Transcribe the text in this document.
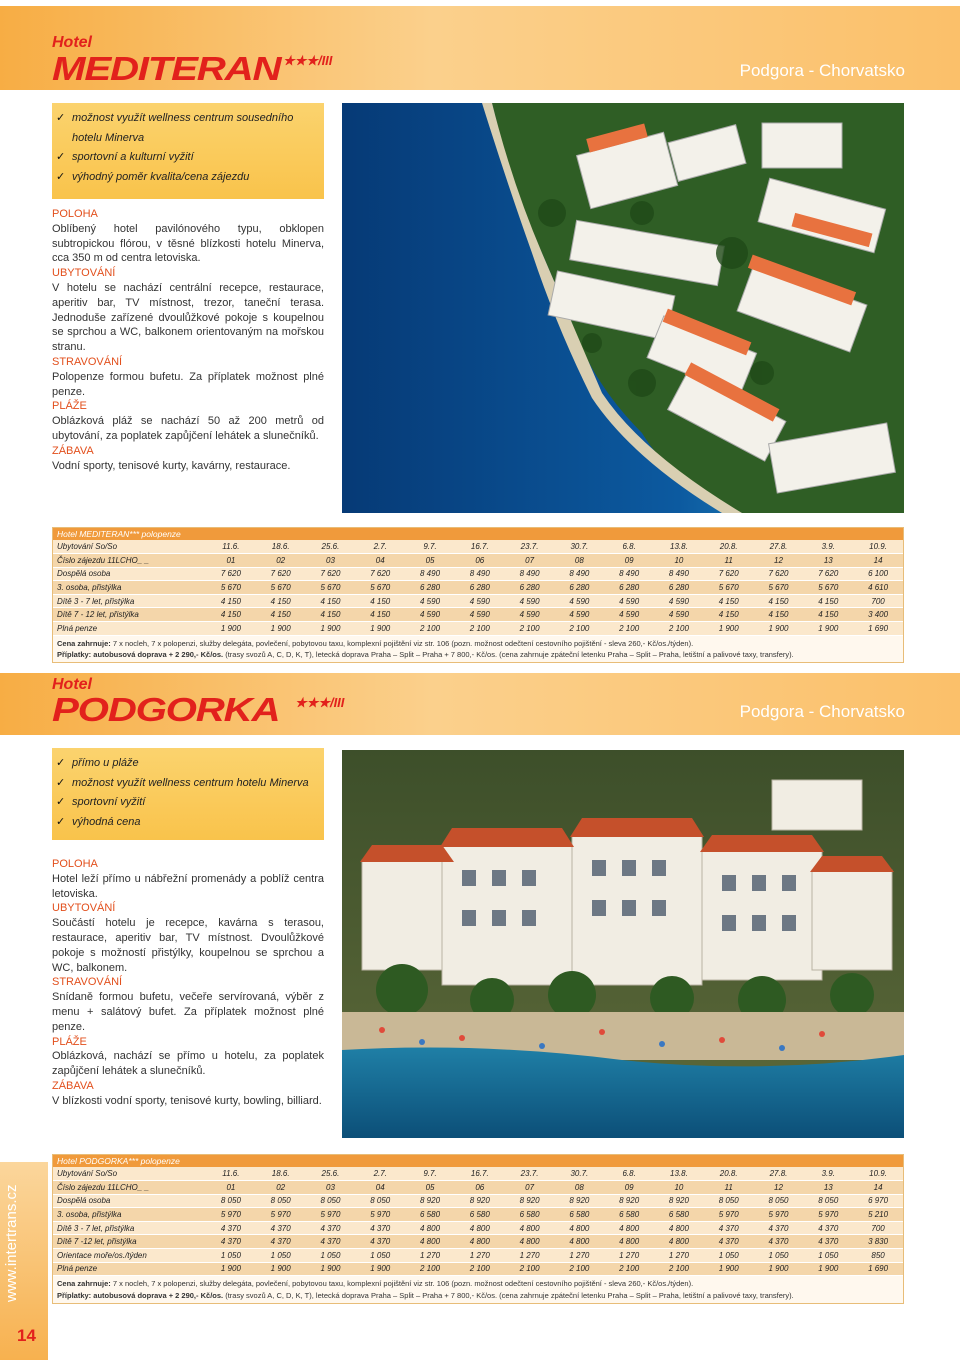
Hotel
MEDITERAN ★★★/III
Podgora - Chorvatsko
✓ možnost využít wellness centrum sousedního hotelu Minerva
✓ sportovní a kulturní vyžití
✓ výhodný poměr kvalita/cena zájezdu

POLOHA
Oblíbený hotel pavilónového typu, obklopen subtropickou flórou, v těsné blízkosti hotelu Minerva, cca 350 m od centra letoviska.

UBYTOVÁNÍ
V hotelu se nachází centrální recepce, restaurace, aperitiv bar, TV místnost, trezor, taneční terasa. Jednoduše zařízené dvoulůžkové pokoje s koupelnou se sprchou a WC, balkonem orientovaným na mořskou stranu.

STRAVOVÁNÍ
Polopenze formou bufetu. Za příplatek možnost plné penze.

PLÁŽE
Oblázková pláž se nachází 50 až 200 metrů od ubytování, za poplatek zapůjčení lehátek a slunečníků.

ZÁBAVA
Vodní sporty, tenisové kurty, kavárny, restaurace.

Hotel MEDITERAN*** polopenze
Ubytování So/So	11.6.	18.6.	25.6.	2.7.	9.7.	16.7.	23.7.	30.7.	6.8.	13.8.	20.8.	27.8.	3.9.	10.9.
Číslo zájezdu 11LCHO_ _	01	02	03	04	05	06	07	08	09	10	11	12	13	14
Dospělá osoba	7 620	7 620	7 620	7 620	8 490	8 490	8 490	8 490	8 490	8 490	7 620	7 620	7 620	6 100
3. osoba, přistýlka	5 670	5 670	5 670	5 670	6 280	6 280	6 280	6 280	6 280	6 280	5 670	5 670	5 670	4 610
Dítě 3 - 7 let, přistýlka	4 150	4 150	4 150	4 150	4 590	4 590	4 590	4 590	4 590	4 590	4 150	4 150	4 150	700
Dítě 7 - 12 let, přistýlka	4 150	4 150	4 150	4 150	4 590	4 590	4 590	4 590	4 590	4 590	4 150	4 150	4 150	3 400
Plná penze	1 900	1 900	1 900	1 900	2 100	2 100	2 100	2 100	2 100	2 100	1 900	1 900	1 900	1 690
Cena zahrnuje: 7 x nocleh, 7 x polopenzi, služby delegáta, povlečení, pobytovou taxu, komplexní pojištění viz str. 106 (pozn. možnost odečtení cestovního pojištění - sleva 260,- Kč/os./týden).
Příplatky: autobusová doprava + 2 290,- Kč/os. (trasy svozů A, C, D, K, T), letecká doprava Praha – Split – Praha + 7 800,- Kč/os. (cena zahrnuje zpáteční letenku Praha – Split – Praha, letištní a palivové taxy, transfery).
Hotel
PODGORKA ★★★/III	Podgora - Chorvatsko
✓ přímo u pláže
✓ možnost využít wellness centrum hotelu Minerva
✓ sportovní vyžití
✓ výhodná cena

POLOHA
Hotel leží přímo u nábřežní promenády a poblíž centra letoviska.

UBYTOVÁNÍ
Součástí hotelu je recepce, kavárna s terasou, restaurace, aperitiv bar, TV místnost. Dvoulůžkové pokoje s možností přistýlky, koupelnou se sprchou a WC, balkonem.

STRAVOVÁNÍ
Snídaně formou bufetu, večeře servírovaná, výběr z menu + salátový bufet. Za příplatek možnost plné penze.

PLÁŽE
Oblázková, nachází se přímo u hotelu, za poplatek zapůjčení lehátek a slunečníků.

ZÁBAVA
V blízkosti vodní sporty, tenisové kurty, bowling, billiard.

Hotel PODGORKA*** polopenze
Ubytování So/So	11.6.	18.6.	25.6.	2.7.	9.7.	16.7.	23.7.	30.7.	6.8.	13.8.	20.8.	27.8.	3.9.	10.9.
Číslo zájezdu 11LCHO_ _	01	02	03	04	05	06	07	08	09	10	11	12	13	14
Dospělá osoba	8 050	8 050	8 050	8 050	8 920	8 920	8 920	8 920	8 920	8 920	8 050	8 050	8 050	6 970
3. osoba, přistýlka	5 970	5 970	5 970	5 970	6 580	6 580	6 580	6 580	6 580	6 580	5 970	5 970	5 970	5 210
Dítě 3 - 7 let, přistýlka	4 370	4 370	4 370	4 370	4 800	4 800	4 800	4 800	4 800	4 800	4 370	4 370	4 370	700
Dítě 7 -12 let, přistýlka	4 370	4 370	4 370	4 370	4 800	4 800	4 800	4 800	4 800	4 800	4 370	4 370	4 370	3 830
Orientace moře/os./týden	1 050	1 050	1 050	1 050	1 270	1 270	1 270	1 270	1 270	1 270	1 050	1 050	1 050	850
Plná penze	1 900	1 900	1 900	1 900	2 100	2 100	2 100	2 100	2 100	2 100	1 900	1 900	1 900	1 690
Cena zahrnuje: 7 x nocleh, 7 x polopenzi, služby delegáta, povlečení, pobytovou taxu, komplexní pojištění viz str. 106 (pozn. možnost odečtení cestovního pojištění - sleva 260,- Kč/os./týden).
Příplatky: autobusová doprava + 2 290,- Kč/os. (trasy svozů A, C, D, K, T), letecká doprava Praha – Split – Praha + 7 800,- Kč/os. (cena zahrnuje zpáteční letenku Praha – Split – Praha, letištní a palivové taxy, transfery).
www.intertrans.cz
14
